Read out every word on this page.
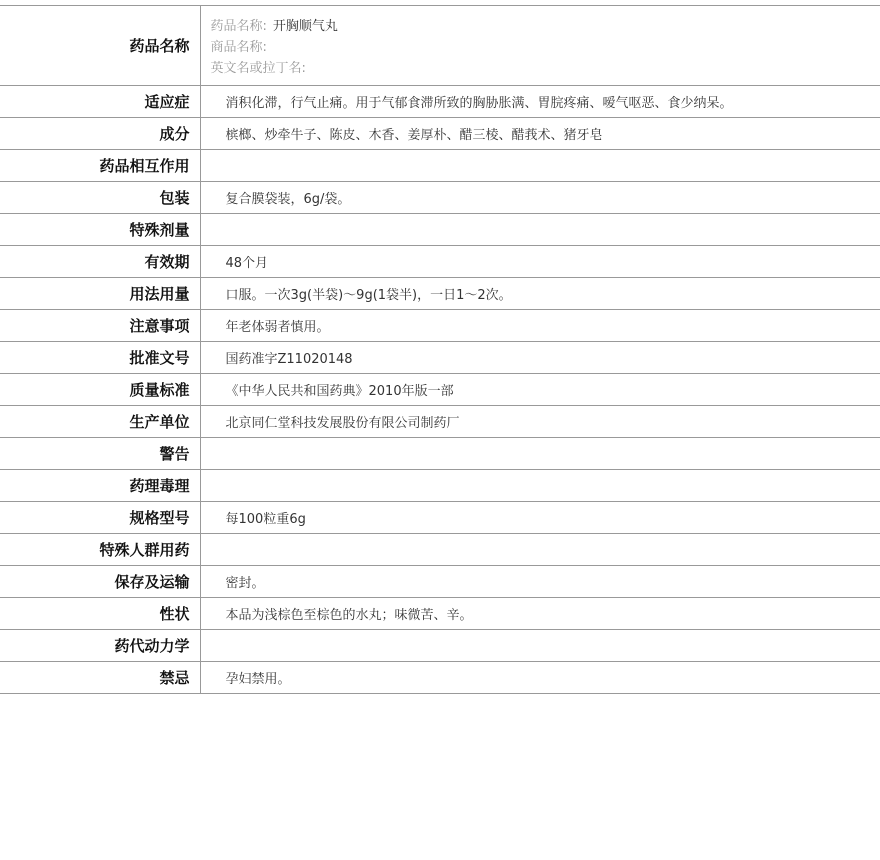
药品名称	药品名称: 开胸顺气丸
商品名称:
英文名或拉丁名:

适应症	消积化滞，行气止痛。用于气郁食滞所致的胸胁胀满、胃脘疼痛、嗳气呕恶、食少纳呆。
成分	槟榔、炒牵牛子、陈皮、木香、姜厚朴、醋三棱、醋莪术、猪牙皂
药品相互作用	
包装	复合膜袋装，6g/袋。
特殊剂量	
有效期	48个月
用法用量	口服。一次3g(半袋)～9g(1袋半)，一日1～2次。
注意事项	年老体弱者慎用。
批准文号	国药准字Z11020148
质量标准	《中华人民共和国药典》2010年版一部
生产单位	北京同仁堂科技发展股份有限公司制药厂
警告	
药理毒理	
规格型号	每100粒重6g
特殊人群用药	
保存及运输	密封。
性状	本品为浅棕色至棕色的水丸；味微苦、辛。
药代动力学	
禁忌	孕妇禁用。
